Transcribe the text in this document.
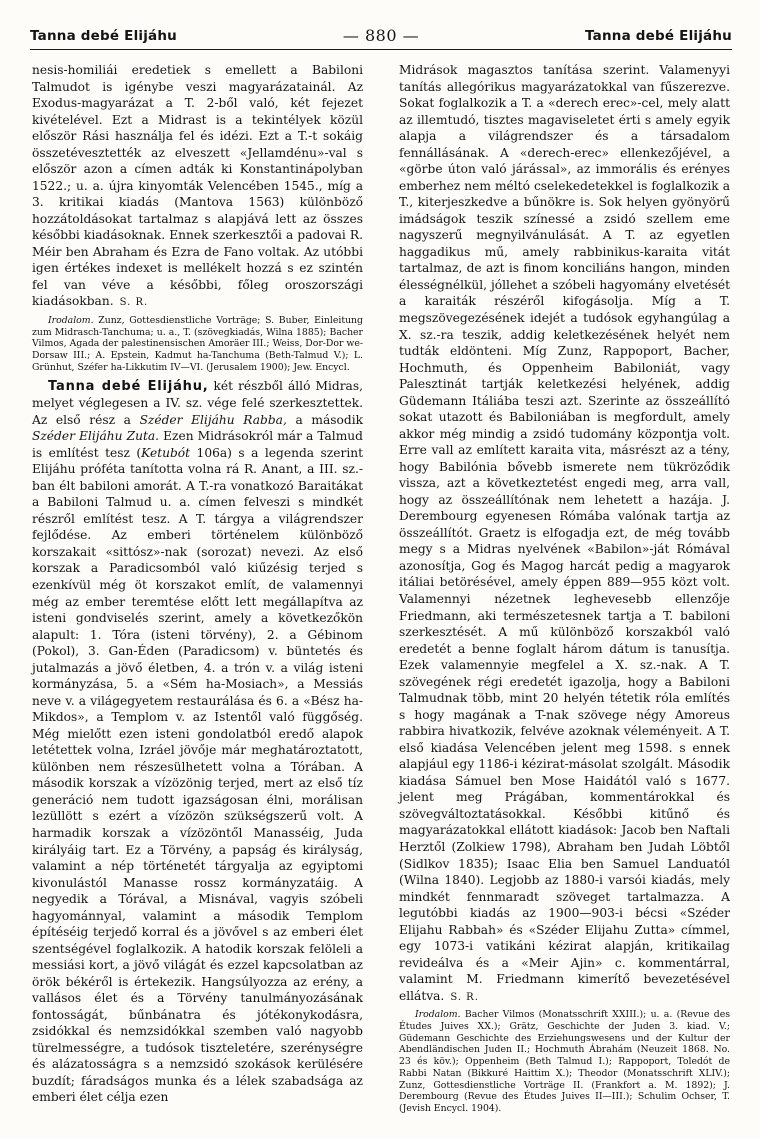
Tanna debé Elijáhu	— 880 —	Tanna debé Elijáhu

nesis-homiliái eredetiek s emellett a Babiloni Talmudot is igénybe veszi magyarázatainál. Az Exodus-magyarázat a T. 2-ből való, két fejezet kivételével. Ezt a Midrast is a tekintélyek közül először Rási használja fel és idézi. Ezt a T.-t sokáig összetévesztették az elveszett «Jellamdénu»-val s először azon a címen adták ki Konstantinápolyban 1522.; u. a. újra kinyomták Velencében 1545., míg a 3. kritikai kiadás (Mantova 1563) különböző hozzátoldásokat tartalmaz s alapjává lett az összes későbbi kiadásoknak. Ennek szerkesztői a padovai R. Méir ben Abraham és Ezra de Fano voltak. Az utóbbi igen értékes indexet is mellékelt hozzá s ez szintén fel van véve a későbbi, főleg oroszországi kiadásokban. S. R.

Irodalom. Zunz, Gottesdienstliche Vorträge; S. Buber, Einleitung zum Midrasch-Tanchuma; u. a., T. (szövegkiadás, Wilna 1885); Bacher Vilmos, Agada der palestinensischen Amoräer III.; Weiss, Dor-Dor we-Dorsaw III.; A. Epstein, Kadmut ha-Tanchuma (Beth-Talmud V.); L. Grünhut, Széfer ha-Likkutim IV—VI. (Jerusalem 1900); Jew. Encycl.

Tanna debé Elijáhu, két részből álló Midras, melyet véglegesen a IV. sz. vége felé szerkesztettek. Az első rész a Széder Elijáhu Rabba, a második Széder Elijáhu Zuta. Ezen Midrásokról már a Talmud is említést tesz (Ketubót 106a) s a legenda szerint Elijáhu próféta tanította volna rá R. Anant, a III. sz.-ban élt babiloni amorát. A T.-ra vonatkozó Baraitákat a Babiloni Talmud u. a. címen felveszi s mindkét részről említést tesz. A T. tárgya a világrendszer fejlődése. Az emberi történelem különböző korszakait «sittósz»-nak (sorozat) nevezi. Az első korszak a Paradicsomból való kiűzésig terjed s ezenkívül még öt korszakot említ, de valamennyi még az ember teremtése előtt lett megállapítva az isteni gondviselés szerint, amely a következőkön alapult: 1. Tóra (isteni törvény), 2. a Gébinom (Pokol), 3. Gan-Éden (Paradicsom) v. büntetés és jutalmazás a jövő életben, 4. a trón v. a világ isteni kormányzása, 5. a «Sém ha-Mosiach», a Messiás neve v. a világegyetem restaurálása és 6. a «Bész ha-Mikdos», a Templom v. az Istentől való függőség. Még mielőtt ezen isteni gondolatból eredő alapok letétettek volna, Izráel jövője már meghatároztatott, különben nem részesülhetett volna a Tórában. A második korszak a vízözönig terjed, mert az első tíz generáció nem tudott igazságosan élni, morálisan lezüllött s ezért a vízözön szükségszerű volt. A harmadik korszak a vízözöntől Manasséig, Juda királyáig tart. Ez a Törvény, a papság és királyság, valamint a nép történetét tárgyalja az egyiptomi kivonulástól Manasse rossz kormányzatáig. A negyedik a Tórával, a Misnával, vagyis szóbeli hagyománnyal, valamint a második Templom építéséig terjedő korral és a jövővel s az emberi élet szentségével foglalkozik. A hatodik korszak felöleli a messiási kort, a jövő világát és ezzel kapcsolatban az örök békéről is értekezik. Hangsúlyozza az erény, a vallásos élet és a Törvény tanulmányozásának fontosságát, bűnbánatra és jótékonykodásra, zsidókkal és nemzsidókkal szemben való nagyobb türelmességre, a tudósok tiszteletére, szerénységre és alázatosságra s a nemzsidó szokások kerülésére buzdít; fáradságos munka és a lélek szabadsága az emberi élet célja ezen

Midrások magasztos tanítása szerint. Valamenyyi tanítás allegórikus magyarázatokkal van fűszerezve. Sokat foglalkozik a T. a «derech erec»-cel, mely alatt az illemtudó, tisztes magaviseletet érti s amely egyik alapja a világrendszer és a társadalom fennállásának. A «derech-erec» ellenkezőjével, a «görbe úton való járással», az immorális és erényes emberhez nem méltó cselekedetekkel is foglalkozik a T., kiterjeszkedve a bűnökre is. Sok helyen gyönyörű imádságok teszik színessé a zsidó szellem eme nagyszerű megnyilvánulását. A T. az egyetlen haggadikus mű, amely rabbinikus-karaita vitát tartalmaz, de azt is finom konciliáns hangon, minden élességnélkül, jóllehet a szóbeli hagyomány elvetését a karaiták részéről kifogásolja. Míg a T. megszövegezésének idejét a tudósok egyhangúlag a X. sz.-ra teszik, addig keletkezésének helyét nem tudták eldönteni. Míg Zunz, Rappoport, Bacher, Hochmuth, és Oppenheim Babiloniát, vagy Palesztinát tartják keletkezési helyének, addig Güdemann Itáliába teszi azt. Szerinte az összeállító sokat utazott és Babiloniában is megfordult, amely akkor még mindig a zsidó tudomány központja volt. Erre vall az említett karaita vita, másrészt az a tény, hogy Babilónia bővebb ismerete nem tükröződik vissza, azt a következtetést engedi meg, arra vall, hogy az összeállítónak nem lehetett a hazája. J. Derembourg egyenesen Rómába valónak tartja az összeállítót. Graetz is elfogadja ezt, de még tovább megy s a Midras nyelvének «Babilon»-ját Rómával azonosítja, Gog és Magog harcát pedig a magyarok itáliai betörésével, amely éppen 889—955 közt volt. Valamennyi nézetnek leghevesebb ellenzője Friedmann, aki természetesnek tartja a T. babiloni szerkesztését. A mű különböző korszakból való eredetét a benne foglalt három dátum is tanusítja. Ezek valamennyie megfelel a X. sz.-nak. A T. szövegének régi eredetét igazolja, hogy a Babiloni Talmudnak több, mint 20 helyén tétetik róla említés s hogy magának a T-nak szövege négy Amoreus rabbira hivatkozik, felvéve azoknak véleményeit. A T. első kiadása Velencében jelent meg 1598. s ennek alapjául egy 1186-i kézirat-másolat szolgált. Második kiadása Sámuel ben Mose Haidától való s 1677. jelent meg Prágában, kommentárokkal és szövegváltoztatásokkal. Későbbi kitűnő és magyarázatokkal ellátott kiadások: Jacob ben Naftali Herztől (Zolkiew 1798), Abraham ben Judah Löbtől (Sidlkov 1835); Isaac Elia ben Samuel Landuatól (Wilna 1840). Legjobb az 1880-i varsói kiadás, mely mindkét fennmaradt szöveget tartalmazza. A legutóbbi kiadás az 1900—903-i bécsi «Széder Elijahu Rabbah» és «Széder Elijahu Zutta» címmel, egy 1073-i vatikáni kézirat alapján, kritikailag revideálva és a «Meir Ajin» c. kommentárral, valamint M. Friedmann kimerítő bevezetésével ellátva. S. R.

Irodalom. Bacher Vilmos (Monatsschrift XXIII.); u. a. (Revue des Études Juives XX.); Grätz, Geschichte der Juden 3. kiad. V.; Güdemann Geschichte des Erziehungswesens und der Kultur der Abendländischen Juden II.; Hochmuth Ábrahám (Neuzeit 1868. No. 23 és köv.); Oppenheim (Beth Talmud I.); Rappoport, Toledót de Rabbi Natan (Bikkuré Haittim X.); Theodor (Monatsschrift XLIV.); Zunz, Gottesdienstliche Vorträge II. (Frankfort a. M. 1892); J. Derembourg (Revue des Études Juives II—III.); Schulim Ochser, T. (Jevish Encycl. 1904).
